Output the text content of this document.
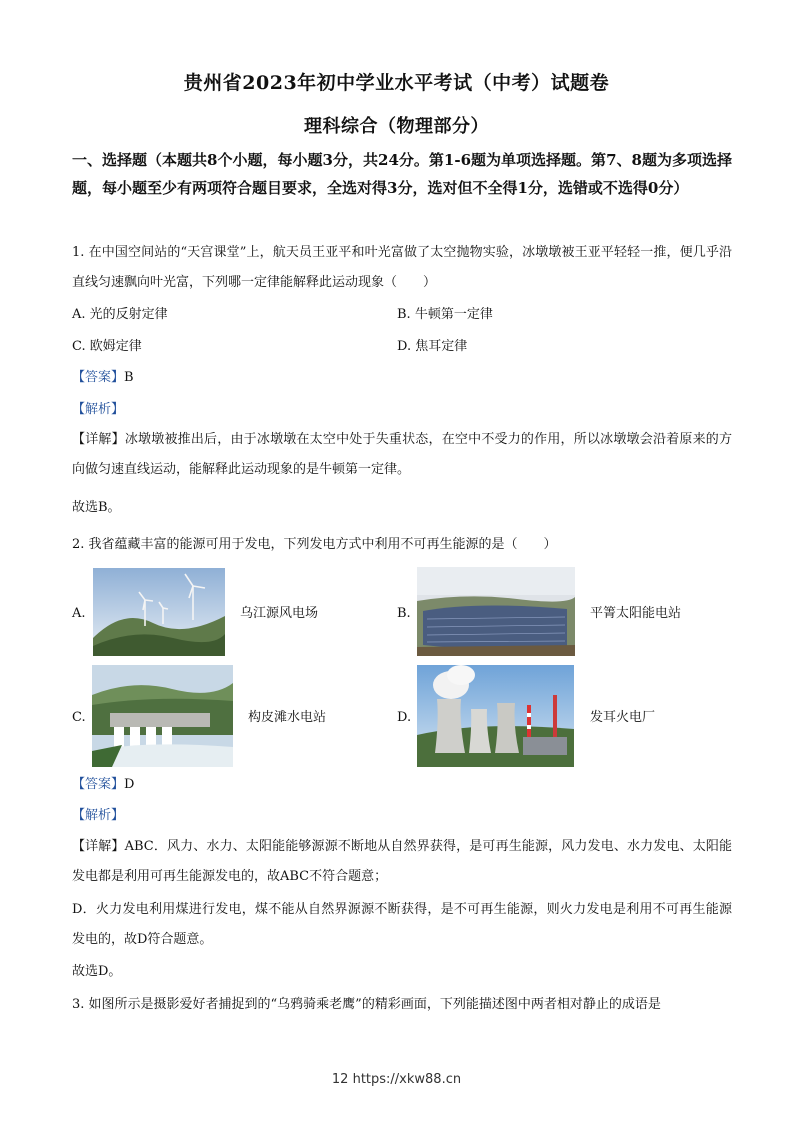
贵州省2023年初中学业水平考试（中考）试题卷
理科综合（物理部分）
一、选择题（本题共8个小题，每小题3分，共24分。第1-6题为单项选择题。第7、8题为多项选择题，每小题至少有两项符合题目要求，全选对得3分，选对但不全得1分，选错或不选得0分）
1. 在中国空间站的“天宫课堂”上，航天员王亚平和叶光富做了太空抛物实验，冰墩墩被王亚平轻轻一推，便几乎沿直线匀速飘向叶光富，下列哪一定律能解释此运动现象（　　）
A. 光的反射定律	B. 牛顿第一定律
C. 欧姆定律	D. 焦耳定律
【答案】B
【解析】
【详解】冰墩墩被推出后，由于冰墩墩在太空中处于失重状态，在空中不受力的作用，所以冰墩墩会沿着原来的方向做匀速直线运动，能解释此运动现象的是牛顿第一定律。
故选B。
2. 我省蕴藏丰富的能源可用于发电，下列发电方式中利用不可再生能源的是（　　）
A.	乌江源风电场	B.	平箐太阳能电站
C.	构皮滩水电站	D.	发耳火电厂
【答案】D
【解析】
【详解】ABC．风力、水力、太阳能能够源源不断地从自然界获得，是可再生能源，风力发电、水力发电、太阳能发电都是利用可再生能源发电的，故ABC不符合题意；
D．火力发电利用煤进行发电，煤不能从自然界源源不断获得，是不可再生能源，则火力发电是利用不可再生能源发电的，故D符合题意。
故选D。
3. 如图所示是摄影爱好者捕捉到的“乌鸦骑乘老鹰”的精彩画面，下列能描述图中两者相对静止的成语是
12 https://xkw88.cn
